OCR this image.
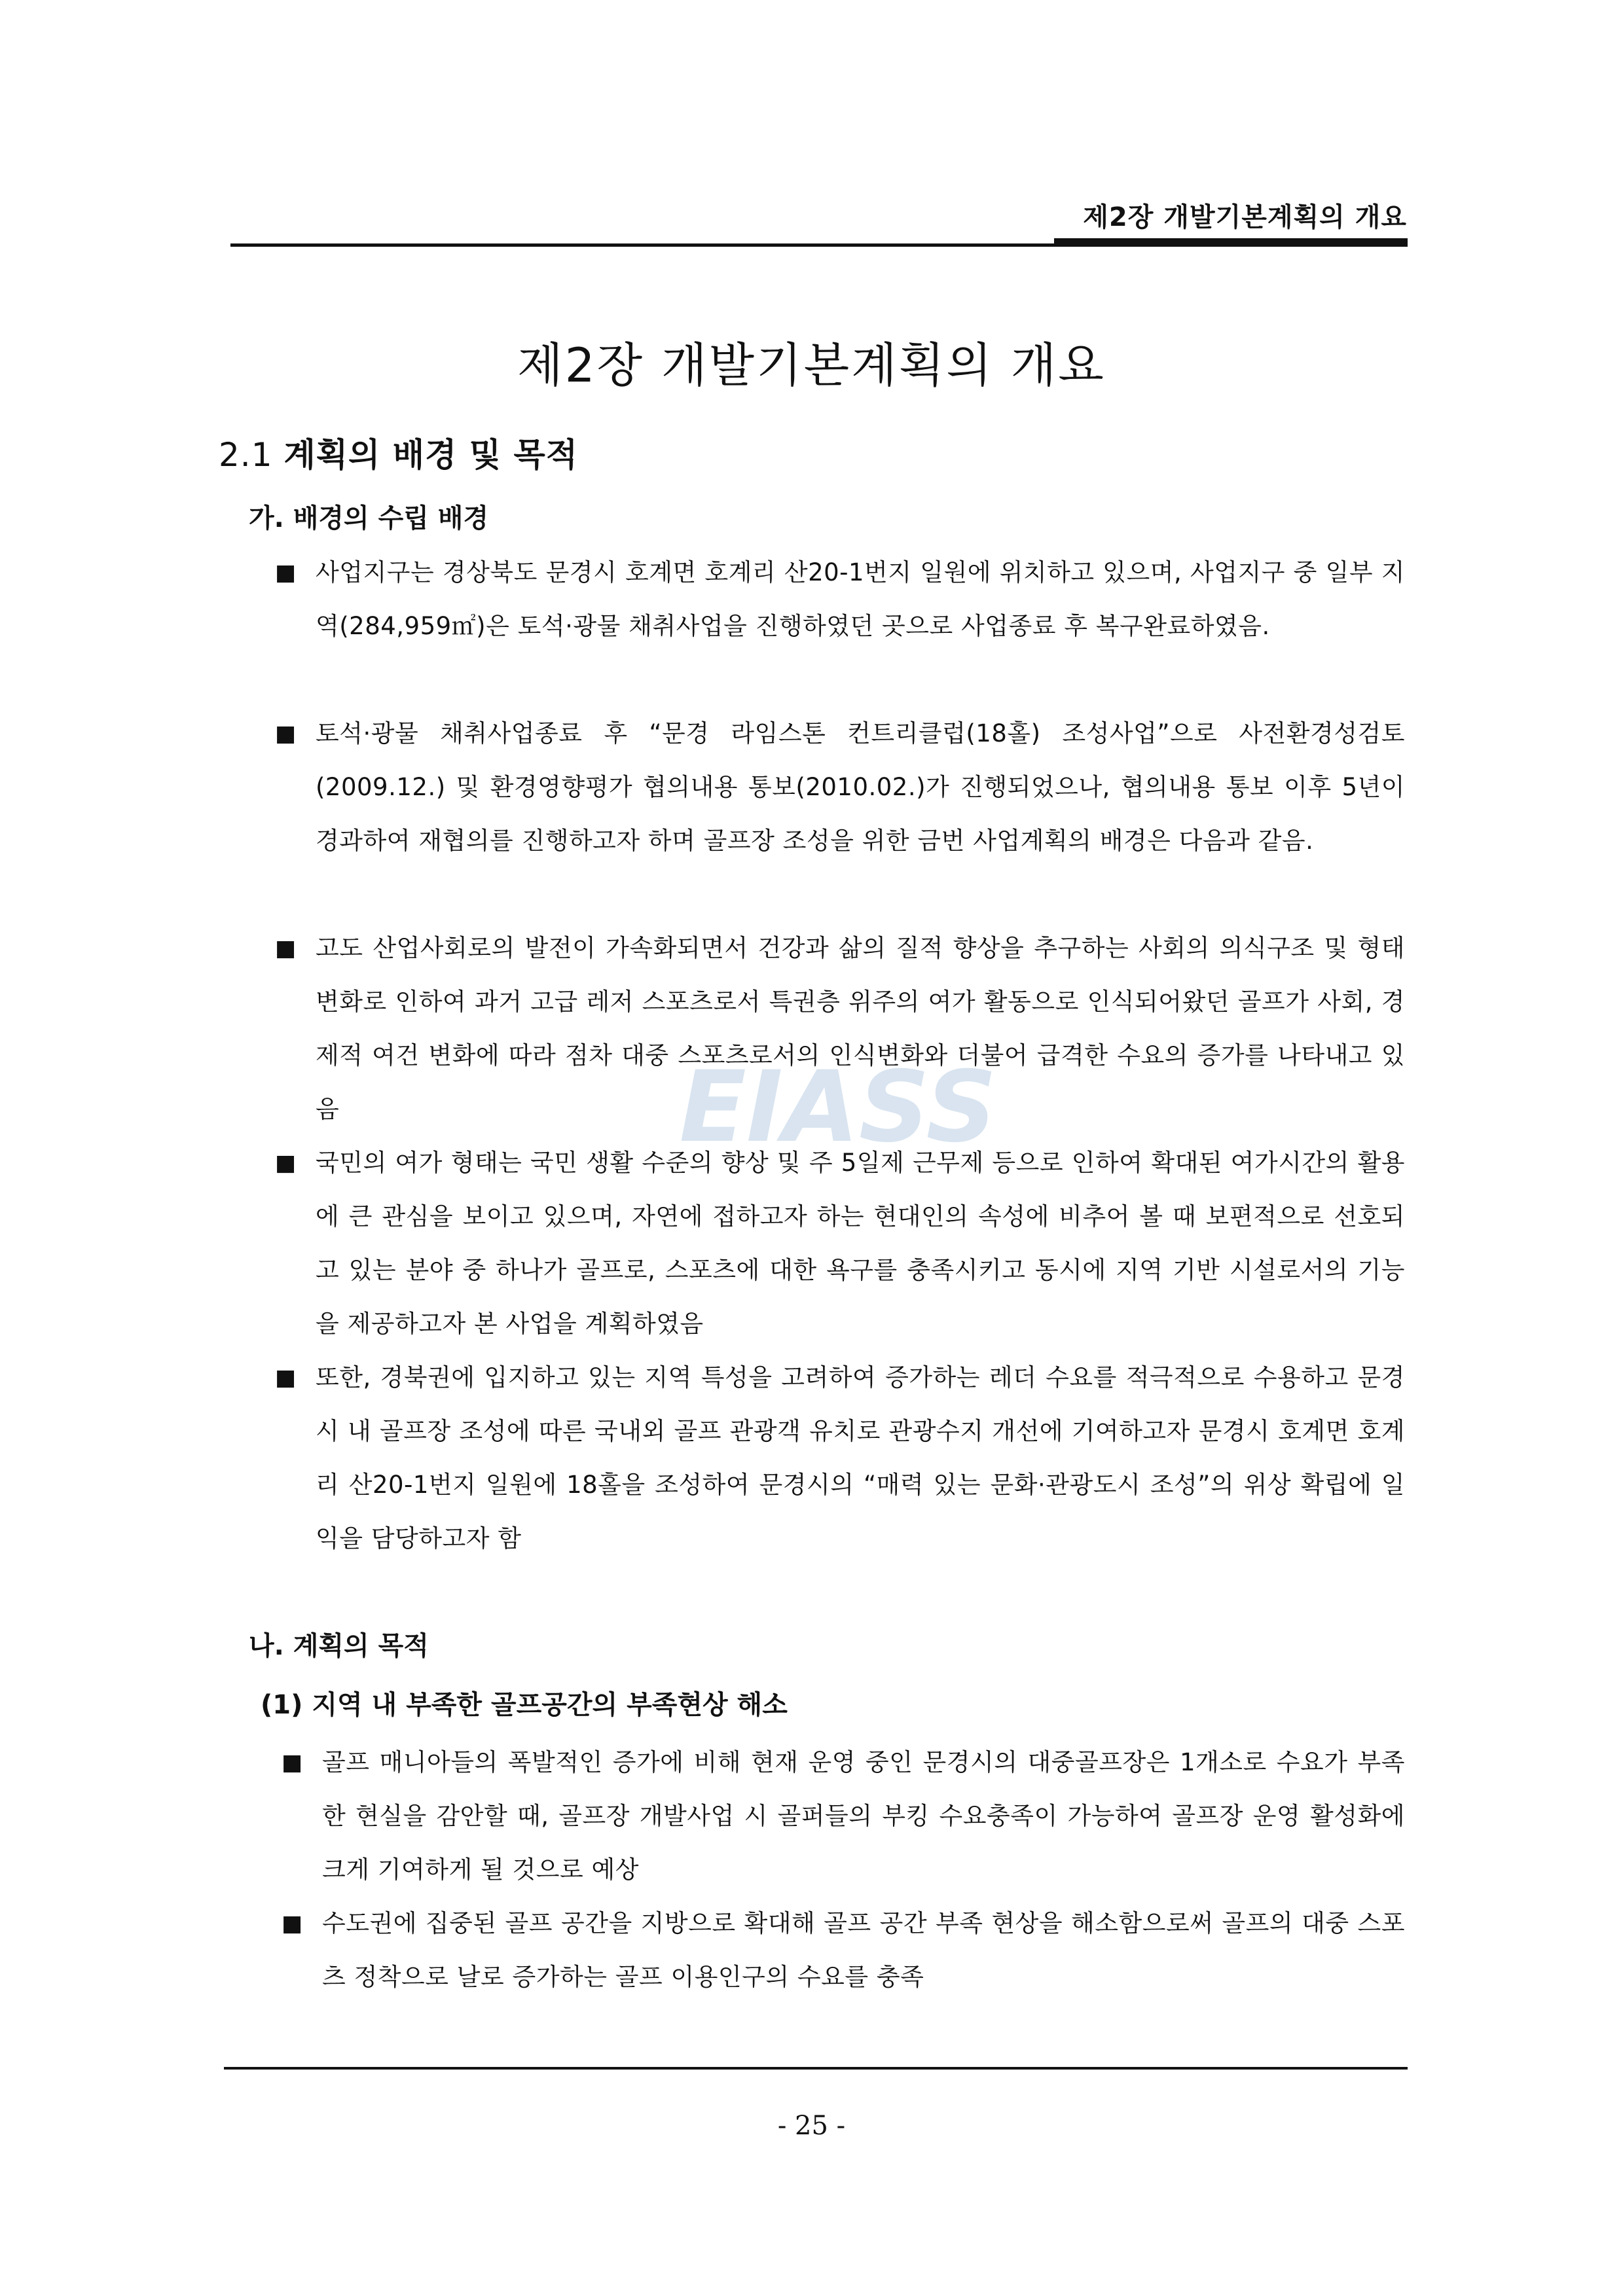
제2장 개발기본계획의 개요
제2장 개발기본계획의 개요
2.1 계획의 배경 및 목적
가. 배경의 수립 배경
■ 사업지구는 경상북도 문경시 호계면 호계리 산20-1번지 일원에 위치하고 있으며, 사업지구 중 일부 지역(284,959㎡)은 토석·광물 채취사업을 진행하였던 곳으로 사업종료 후 복구완료하였음.
■ 토석·광물 채취사업종료 후 “문경 라임스톤 컨트리클럽(18홀) 조성사업”으로 사전환경성검토(2009.12.) 및 환경영향평가 협의내용 통보(2010.02.)가 진행되었으나, 협의내용 통보 이후 5년이 경과하여 재협의를 진행하고자 하며 골프장 조성을 위한 금번 사업계획의 배경은 다음과 같음.
■ 고도 산업사회로의 발전이 가속화되면서 건강과 삶의 질적 향상을 추구하는 사회의 의식구조 및 형태 변화로 인하여 과거 고급 레저 스포츠로서 특권층 위주의 여가 활동으로 인식되어왔던 골프가 사회, 경제적 여건 변화에 따라 점차 대중 스포츠로서의 인식변화와 더불어 급격한 수요의 증가를 나타내고 있음
■ 국민의 여가 형태는 국민 생활 수준의 향상 및 주 5일제 근무제 등으로 인하여 확대된 여가시간의 활용에 큰 관심을 보이고 있으며, 자연에 접하고자 하는 현대인의 속성에 비추어 볼 때 보편적으로 선호되고 있는 분야 중 하나가 골프로, 스포츠에 대한 욕구를 충족시키고 동시에 지역 기반 시설로서의 기능을 제공하고자 본 사업을 계획하였음
■ 또한, 경북권에 입지하고 있는 지역 특성을 고려하여 증가하는 레더 수요를 적극적으로 수용하고 문경시 내 골프장 조성에 따른 국내외 골프 관광객 유치로 관광수지 개선에 기여하고자 문경시 호계면 호계리 산20-1번지 일원에 18홀을 조성하여 문경시의 “매력 있는 문화·관광도시 조성”의 위상 확립에 일익을 담당하고자 함
나. 계획의 목적
(1) 지역 내 부족한 골프공간의 부족현상 해소
■ 골프 매니아들의 폭발적인 증가에 비해 현재 운영 중인 문경시의 대중골프장은 1개소로 수요가 부족한 현실을 감안할 때, 골프장 개발사업 시 골퍼들의 부킹 수요충족이 가능하여 골프장 운영 활성화에 크게 기여하게 될 것으로 예상
■ 수도권에 집중된 골프 공간을 지방으로 확대해 골프 공간 부족 현상을 해소함으로써 골프의 대중 스포츠 정착으로 날로 증가하는 골프 이용인구의 수요를 충족
EIASS
- 25 -
